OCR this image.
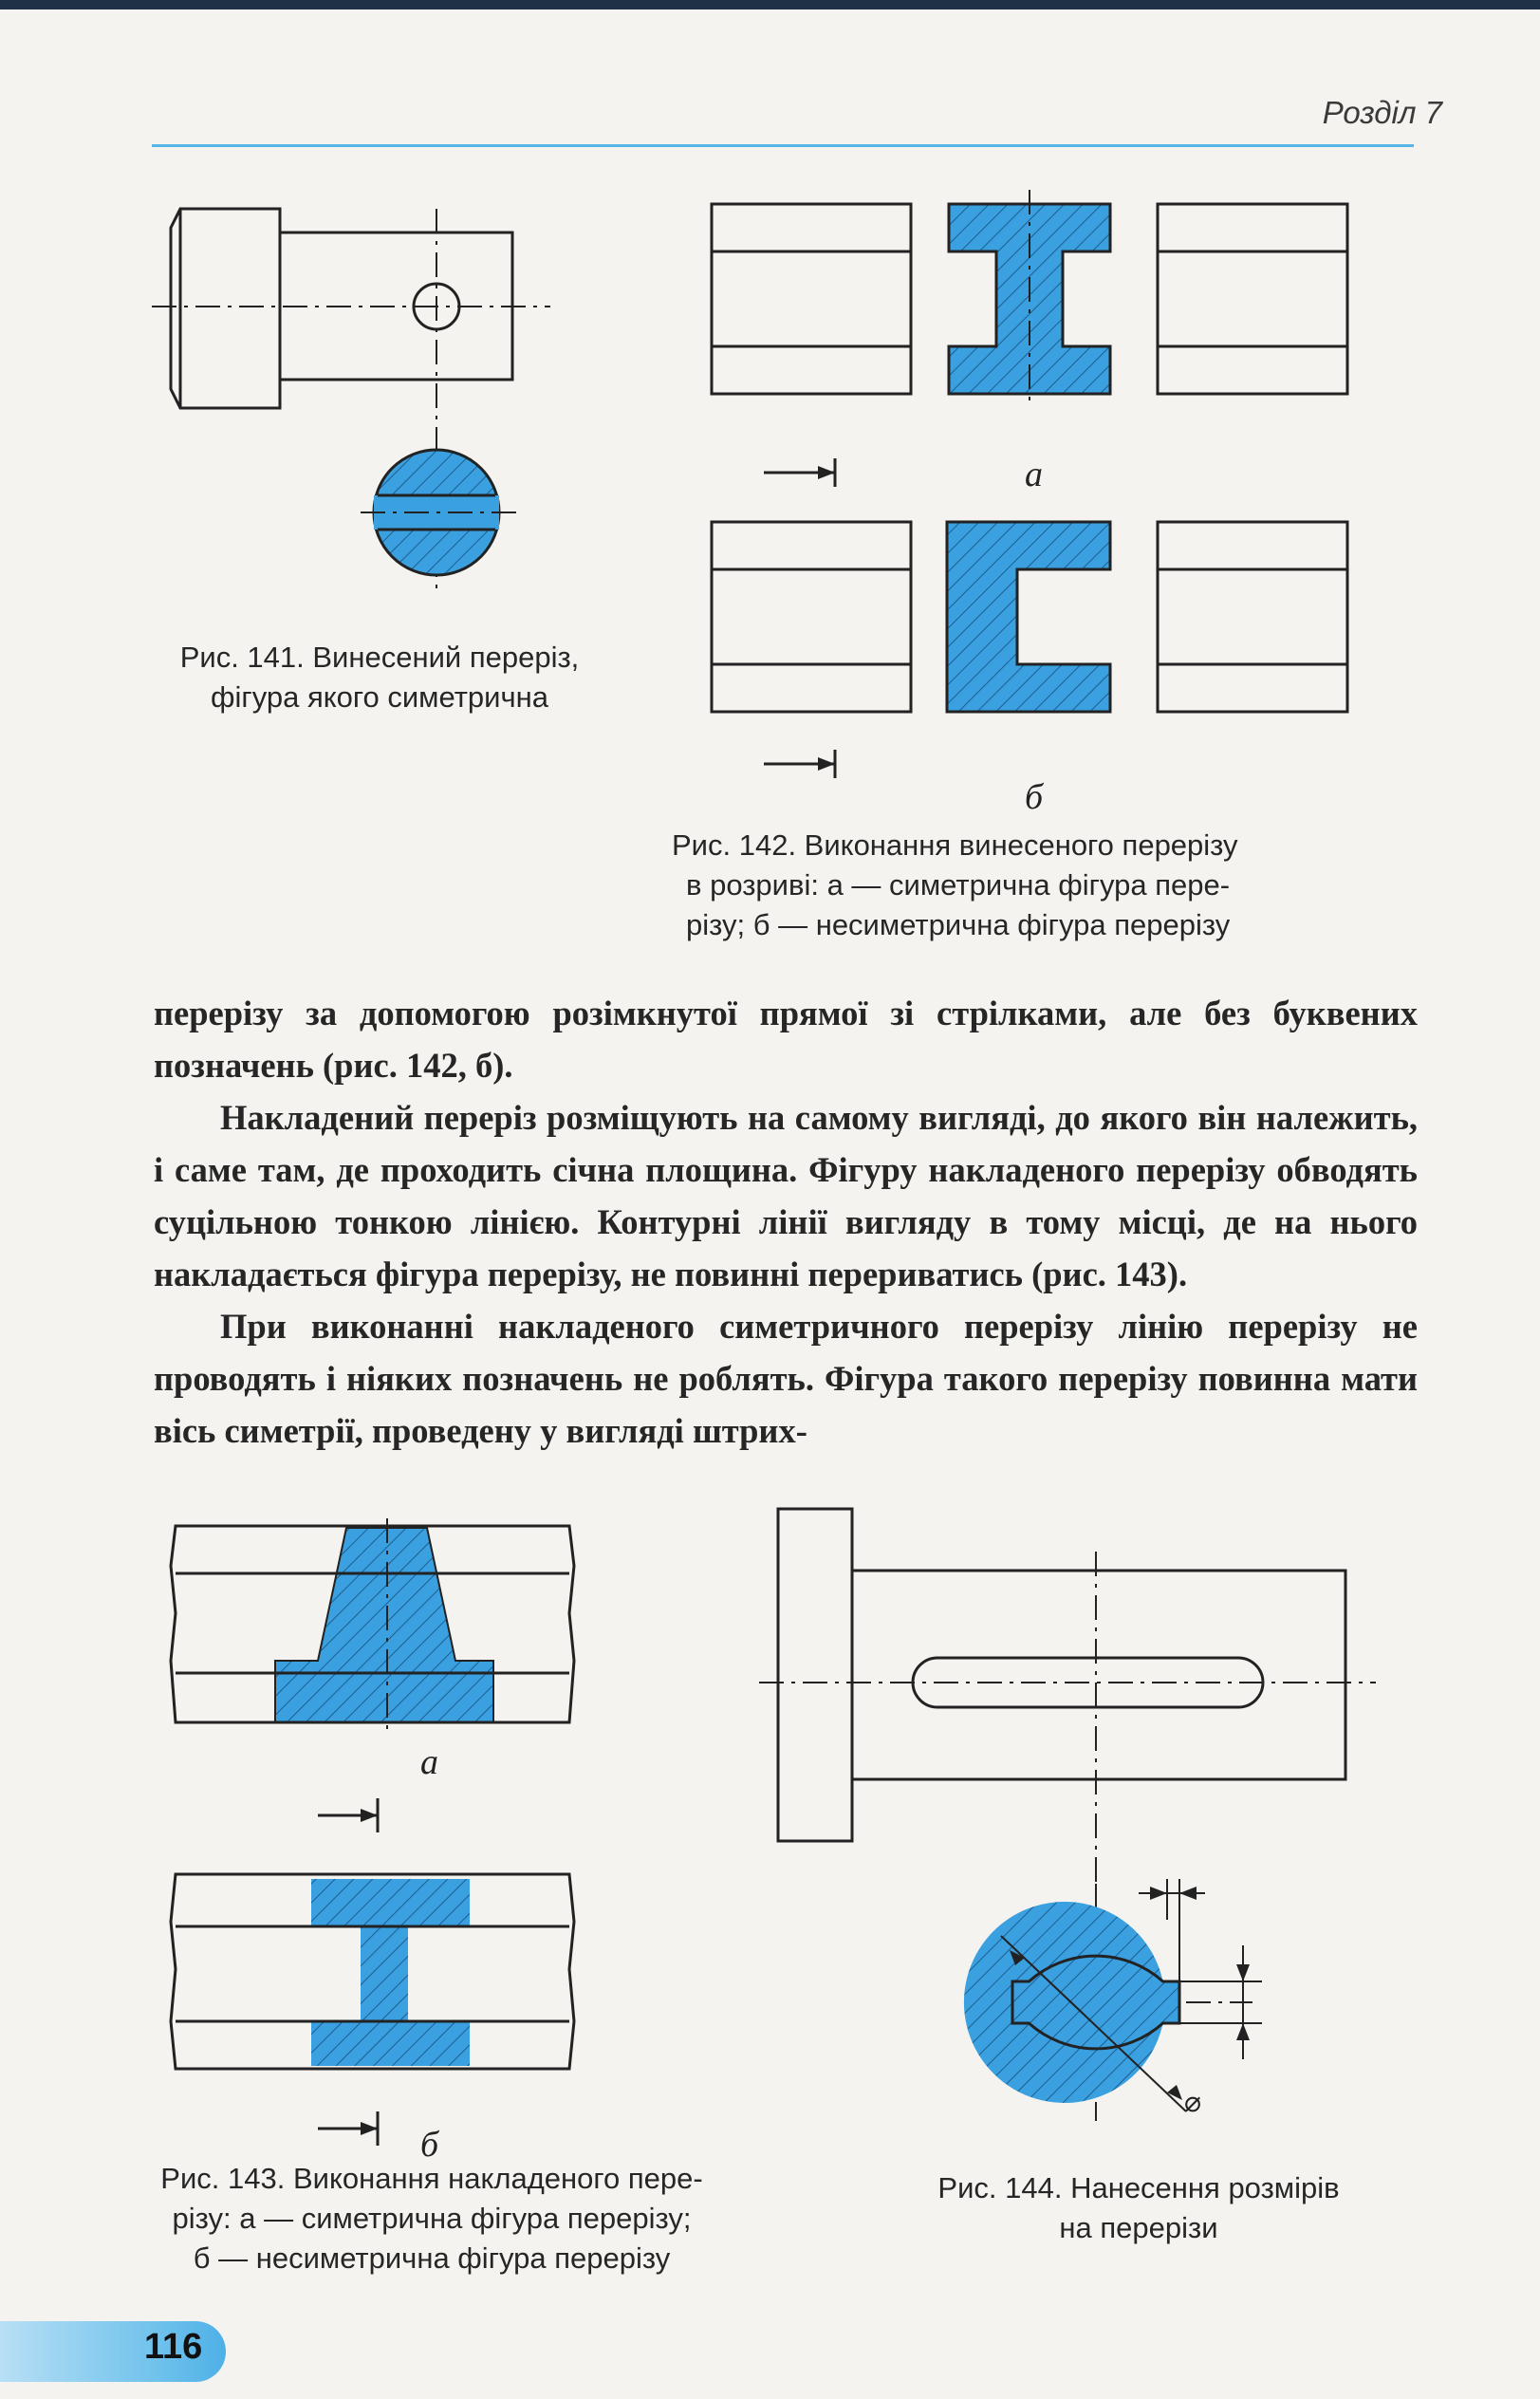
Розділ 7
Рис. 141. Винесений переріз, фігура якого симетрична
а
б
Рис. 142. Виконання винесеного перерізу
в розриві: а — симетрична фігура пере-
різу; б — несиметрична фігура перерізу

перерізу за допомогою розімкнутої прямої зі стрілками, але без буквених позначень (рис. 142, б).

Накладений переріз розміщують на самому вигляді, до якого він належить, і саме там, де проходить січна площина. Фігуру накладеного перерізу обводять суцільною тонкою лінією. Контурні лінії вигляду в тому місці, де на нього накладається фігура перерізу, не повинні перериватись (рис. 143).

При виконанні накладеного симетричного перерізу лінію перерізу не проводять і ніяких позначень не роблять. Фігура такого перерізу повинна мати вісь симетрії, проведену у вигляді штрих-

а
б
Рис. 143. Виконання накладеного пере-
різу: а — симетрична фігура перерізу;
б — несиметрична фігура перерізу
⌀
Рис. 144. Нанесення розмірів
на перерізи
116
